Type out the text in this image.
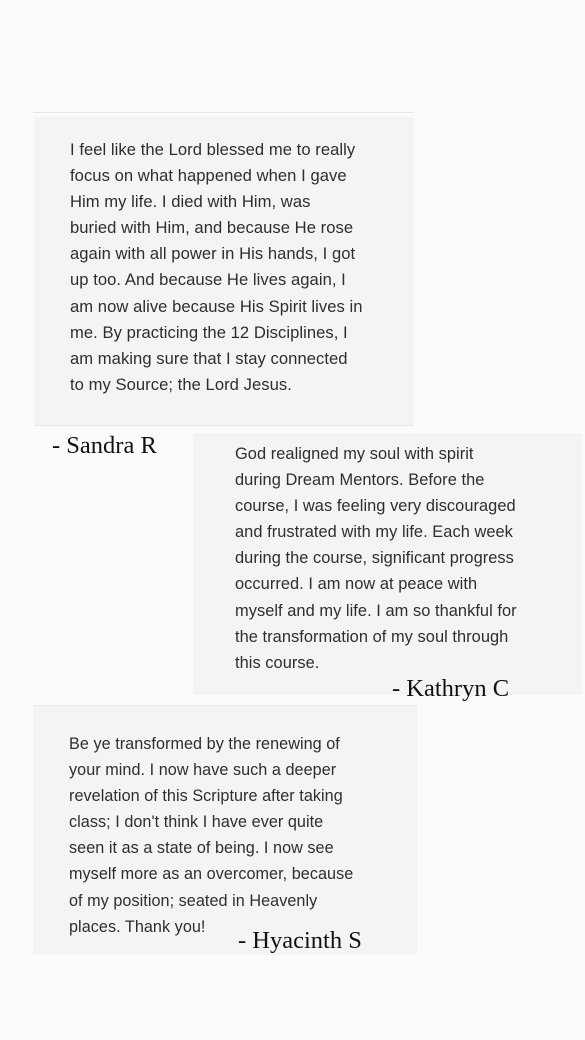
I feel like the Lord blessed me to really
focus on what happened when I gave
Him my life. I died with Him, was
buried with Him, and because He rose
again with all power in His hands, I got
up too. And because He lives again, I
am now alive because His Spirit lives in
me. By practicing the 12 Disciplines, I
am making sure that I stay connected
to my Source; the Lord Jesus.

- Sandra R	God realigned my soul with spirit
during Dream Mentors. Before the
course, I was feeling very discouraged
and frustrated with my life. Each week
during the course, significant progress
occurred. I am now at peace with
myself and my life. I am so thankful for
the transformation of my soul through
this course.

- Kathryn C

Be ye transformed by the renewing of
your mind. I now have such a deeper
revelation of this Scripture after taking
class; I don't think I have ever quite
seen it as a state of being. I now see
myself more as an overcomer, because
of my position; seated in Heavenly
places. Thank you!

- Hyacinth S
